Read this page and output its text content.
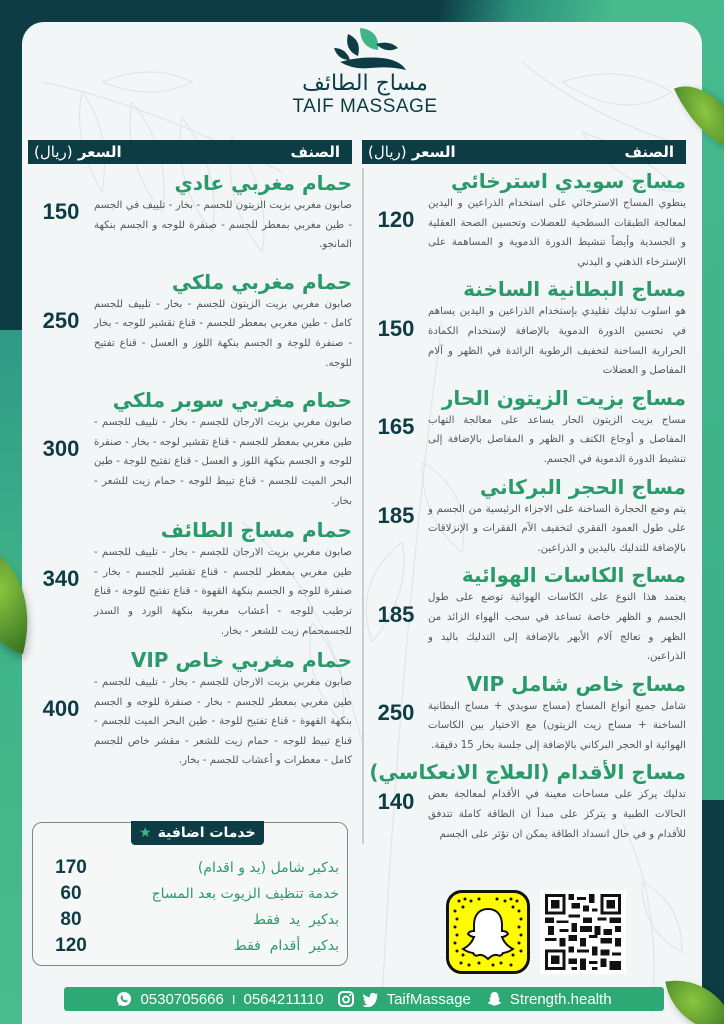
مساج الطائف
TAIF MASSAGE
الصنف
السعر (ريال)
مساج سويدي استرخائي
ينطوي المساج الاسترخائي على استخدام الذراعين و اليدين لمعالجة الطبقات السطحية للعضلات وتحسين الصحة العقلية و الجسدية وأيضاً تنشيط الدورة الدموية و المساهمة على الإسترخاء الذهني و البدني
120
مساج البطانية الساخنة
هو اسلوب تدليك تقليدي بإستخدام الذراعين و اليدين يساهم في تحسين الدورة الدموية بالإضافة لإستخدام الكمادة الحرارية الساخنة لتخفيف الرطوبة الزائدة في الظهر و آلام المفاصل و العضلات
150
مساج بزيت الزيتون الحار
مساج بزيت الزيتون الحار يساعد على معالجة التهاب المفاصل و أوجاع الكتف و الظهر و المفاصل بالإضافة إلى تنشيط الدورة الدموية في الجسم.
165
مساج الحجر البركاني
يتم وضع الحجارة الساخنة على الاجزاء الرئيسية من الجسم و على طول العمود الفقري لتخفيف الآم الفقرات و الإنزلاقات بالإضافة للتدليك باليدين و الذراعين.
185
مساج الكاسات الهوائية
يعتمد هذا النوع على الكاسات الهوائية توضع على طول الجسم و الظهر خاصة تساعد في سحب الهواء الزائد من الظهر و تعالج آلام الأبهر بالإضافة إلى التدليك باليد و الذراعين.
185
مساج خاص شامل VIP
شامل جميع أنواع المساج (مساج سويدي + مساج البطانية الساخنة + مساج زيت الزيتون) مع الاختيار بين الكاسات الهوائية او الحجر البركاني بالإضافة إلى جلسة بخار 15 دقيقة.
250
مساج الأقدام (العلاج الانعكاسي)
تدليك يركز على مساحات معينة في الأقدام لمعالجة بعض الحالات الطبية و يتركز على مبدأ ان الطاقة كاملة تتدفق للأقدام و في حال انسداد الطاقة يمكن ان تؤثر على الجسم
140
الصنف
السعر (ريال)
حمام مغربي عادي
صابون مغربي بزيت الزيتون للجسم - بخار - تلييف في الجسم - طين مغربي بمعطر للجسم - صنفرة للوجه و الجسم بنكهة المانجو.
150
حمام مغربي ملكي
صابون مغربي بزيت الزيتون للجسم - بخار - تلييف للجسم كامل - طين مغربي بمعطر للجسم - قناع تقشير للوجه - بخار - صنفرة للوجة و الجسم بنكهة اللوز و العسل - قناع تفتيح للوجه.
250
حمام مغربي سوبر ملكي
صابون مغربي بزيت الارجان للجسم - بخار - تلييف للجسم - طين مغربي بمعطر للجسم - قناع تقشير لوجه - بخار - صنفرة للوجه و الجسم بنكهة اللوز و العسل - قناع تفتيح للوجة - طين البحر الميت للجسم - قناع تبيط للوجه - حمام زيت للشعر - بخار.
300
حمام مساج الطائف
صابون مغربي بزيت الارجان للجسم - بخار - تلييف للجسم - طين مغربي بمعطر للجسم - قناع تقشير للجسم - بخار - صنفرة للوجه و الجسم بنكهة القهوة - قناع تفتيح للوجة - قناع ترطيب للوجه - أعشاب مغربية بنكهة الورد و السدر للجسمحمام زيت للشعر - بخار.
340
حمام مغربي خاص VIP
صابون مغربي بزيت الارجان للجسم - بخار - تلييف للجسم - طين مغربي بمعطر للجسم - بخار - صنفرة للوجه و الجسم بنكهة القهوة - قناع تفتيح للوجة - طين البحر الميت للجسم - قناع تبيط للوجه - حمام زيت للشعر - مقشر خاص للجسم كامل - معطرات و أعشاب للجسم - بخار.
400
خدمات اضافية
★
بدكير شامل (يد و اقدام)
170
خدمة تنظيف الزيوت بعد المساج
60
بدكير  يد  فقط
80
بدكير  أقدام  فقط
120
0530705666 I 0564211110	TaifMassage	Strength.health
